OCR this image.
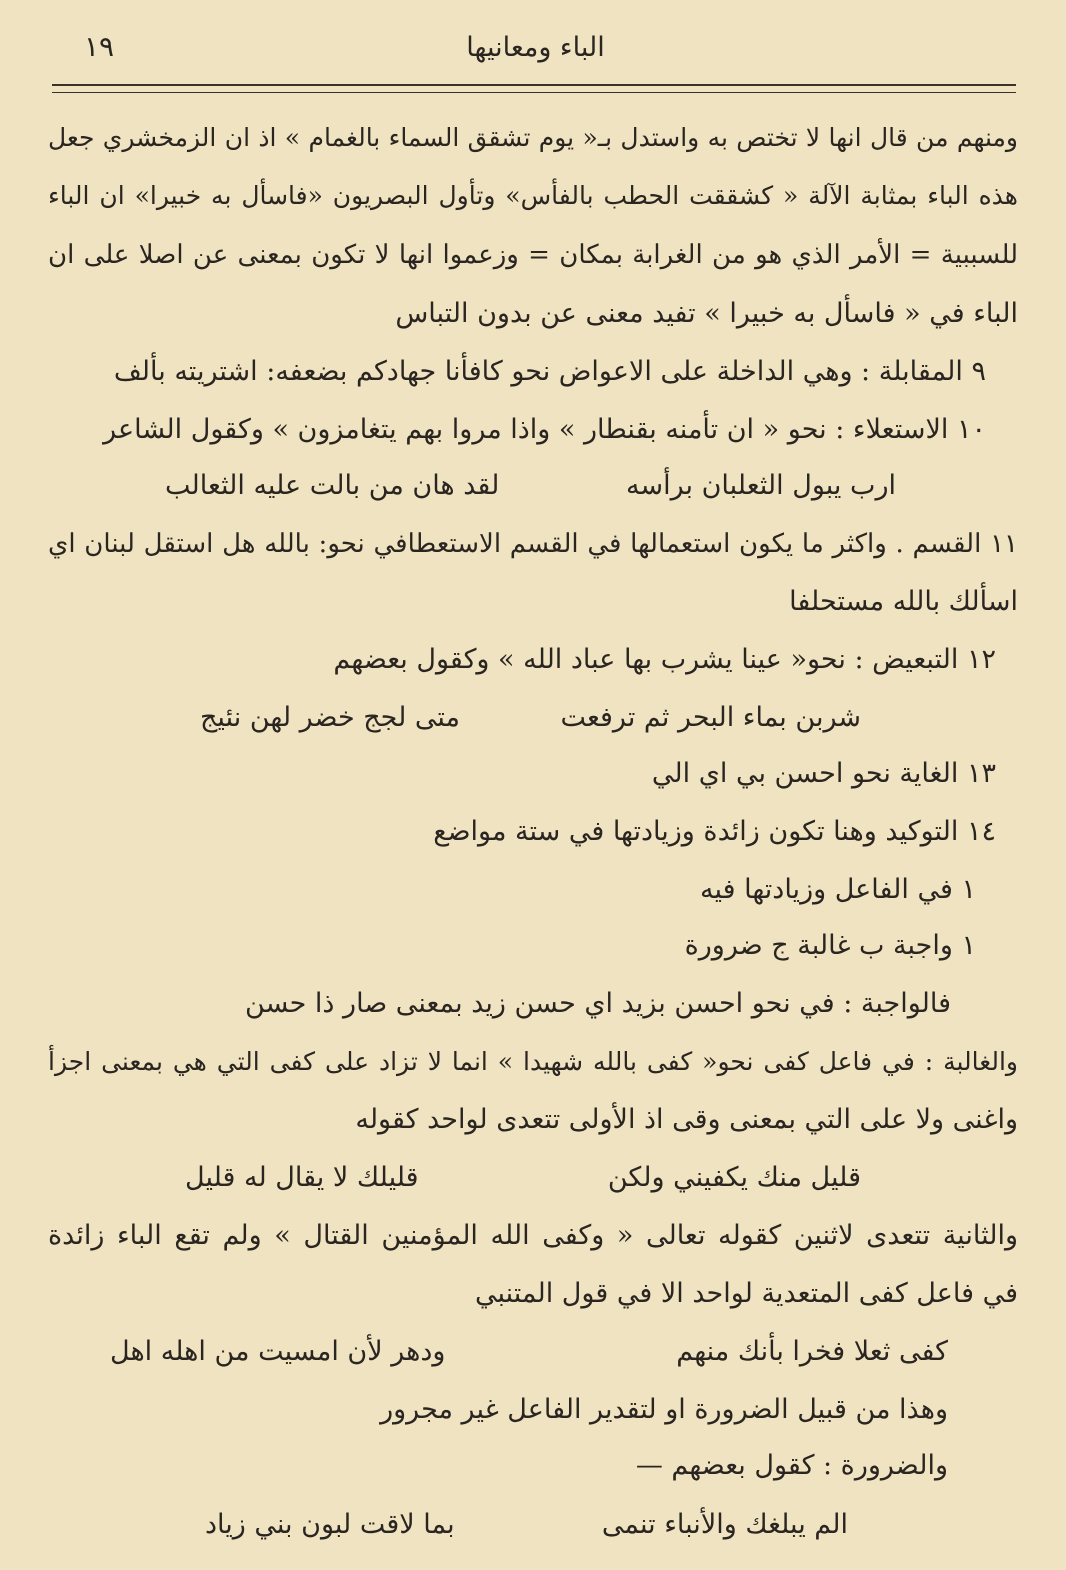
الباء ومعانيها
١٩
ومنهم من قال انها لا تختص به واستدل بـ« يوم تشقق السماء بالغمام » اذ ان الزمخشري جعل
هذه الباء بمثابة الآلة « كشققت الحطب بالفأس» وتأول البصريون «فاسأل به خبيرا» ان الباء
للسببية = الأمر الذي هو من الغرابة بمكان = وزعموا انها لا تكون بمعنى عن اصلا على ان
الباء في « فاسأل به خبيرا » تفيد معنى عن بدون التباس
٩ المقابلة : وهي الداخلة على الاعواض نحو كافأنا جهادكم بضعفه: اشتريته بألف
١٠ الاستعلاء : نحو « ان تأمنه بقنطار » واذا مروا بهم يتغامزون » وكقول الشاعر
ارب يبول الثعلبان برأسه
لقد هان من بالت عليه الثعالب
١١ القسم . واكثر ما يكون استعمالها في القسم الاستعطافي نحو: بالله هل استقل لبنان اي
اسألك بالله مستحلفا
١٢ التبعيض : نحو« عينا يشرب بها عباد الله » وكقول بعضهم
شربن بماء البحر ثم ترفعت
متى لجج خضر لهن نئيج
١٣ الغاية نحو احسن بي اي الي
١٤ التوكيد وهنا تكون زائدة وزيادتها في ستة مواضع
١ في الفاعل وزيادتها فيه
١ واجبة ب غالبة ج ضرورة
فالواجبة : في نحو احسن بزيد اي حسن زيد بمعنى صار ذا حسن
والغالبة : في فاعل كفى نحو« كفى بالله شهيدا » انما لا تزاد على كفى التي هي بمعنى اجزأ
واغنى ولا على التي بمعنى وقى اذ الأولى تتعدى لواحد كقوله
قليل منك يكفيني ولكن
قليلك لا يقال له قليل
والثانية تتعدى لاثنين كقوله تعالى « وكفى الله المؤمنين القتال » ولم تقع الباء زائدة
في فاعل كفى المتعدية لواحد الا في قول المتنبي
كفى ثعلا فخرا بأنك منهم
ودهر لأن امسيت من اهله اهل
وهذا من قبيل الضرورة او لتقدير الفاعل غير مجرور
والضرورة : كقول بعضهم —
الم يبلغك والأنباء تنمى
بما لاقت لبون بني زياد
